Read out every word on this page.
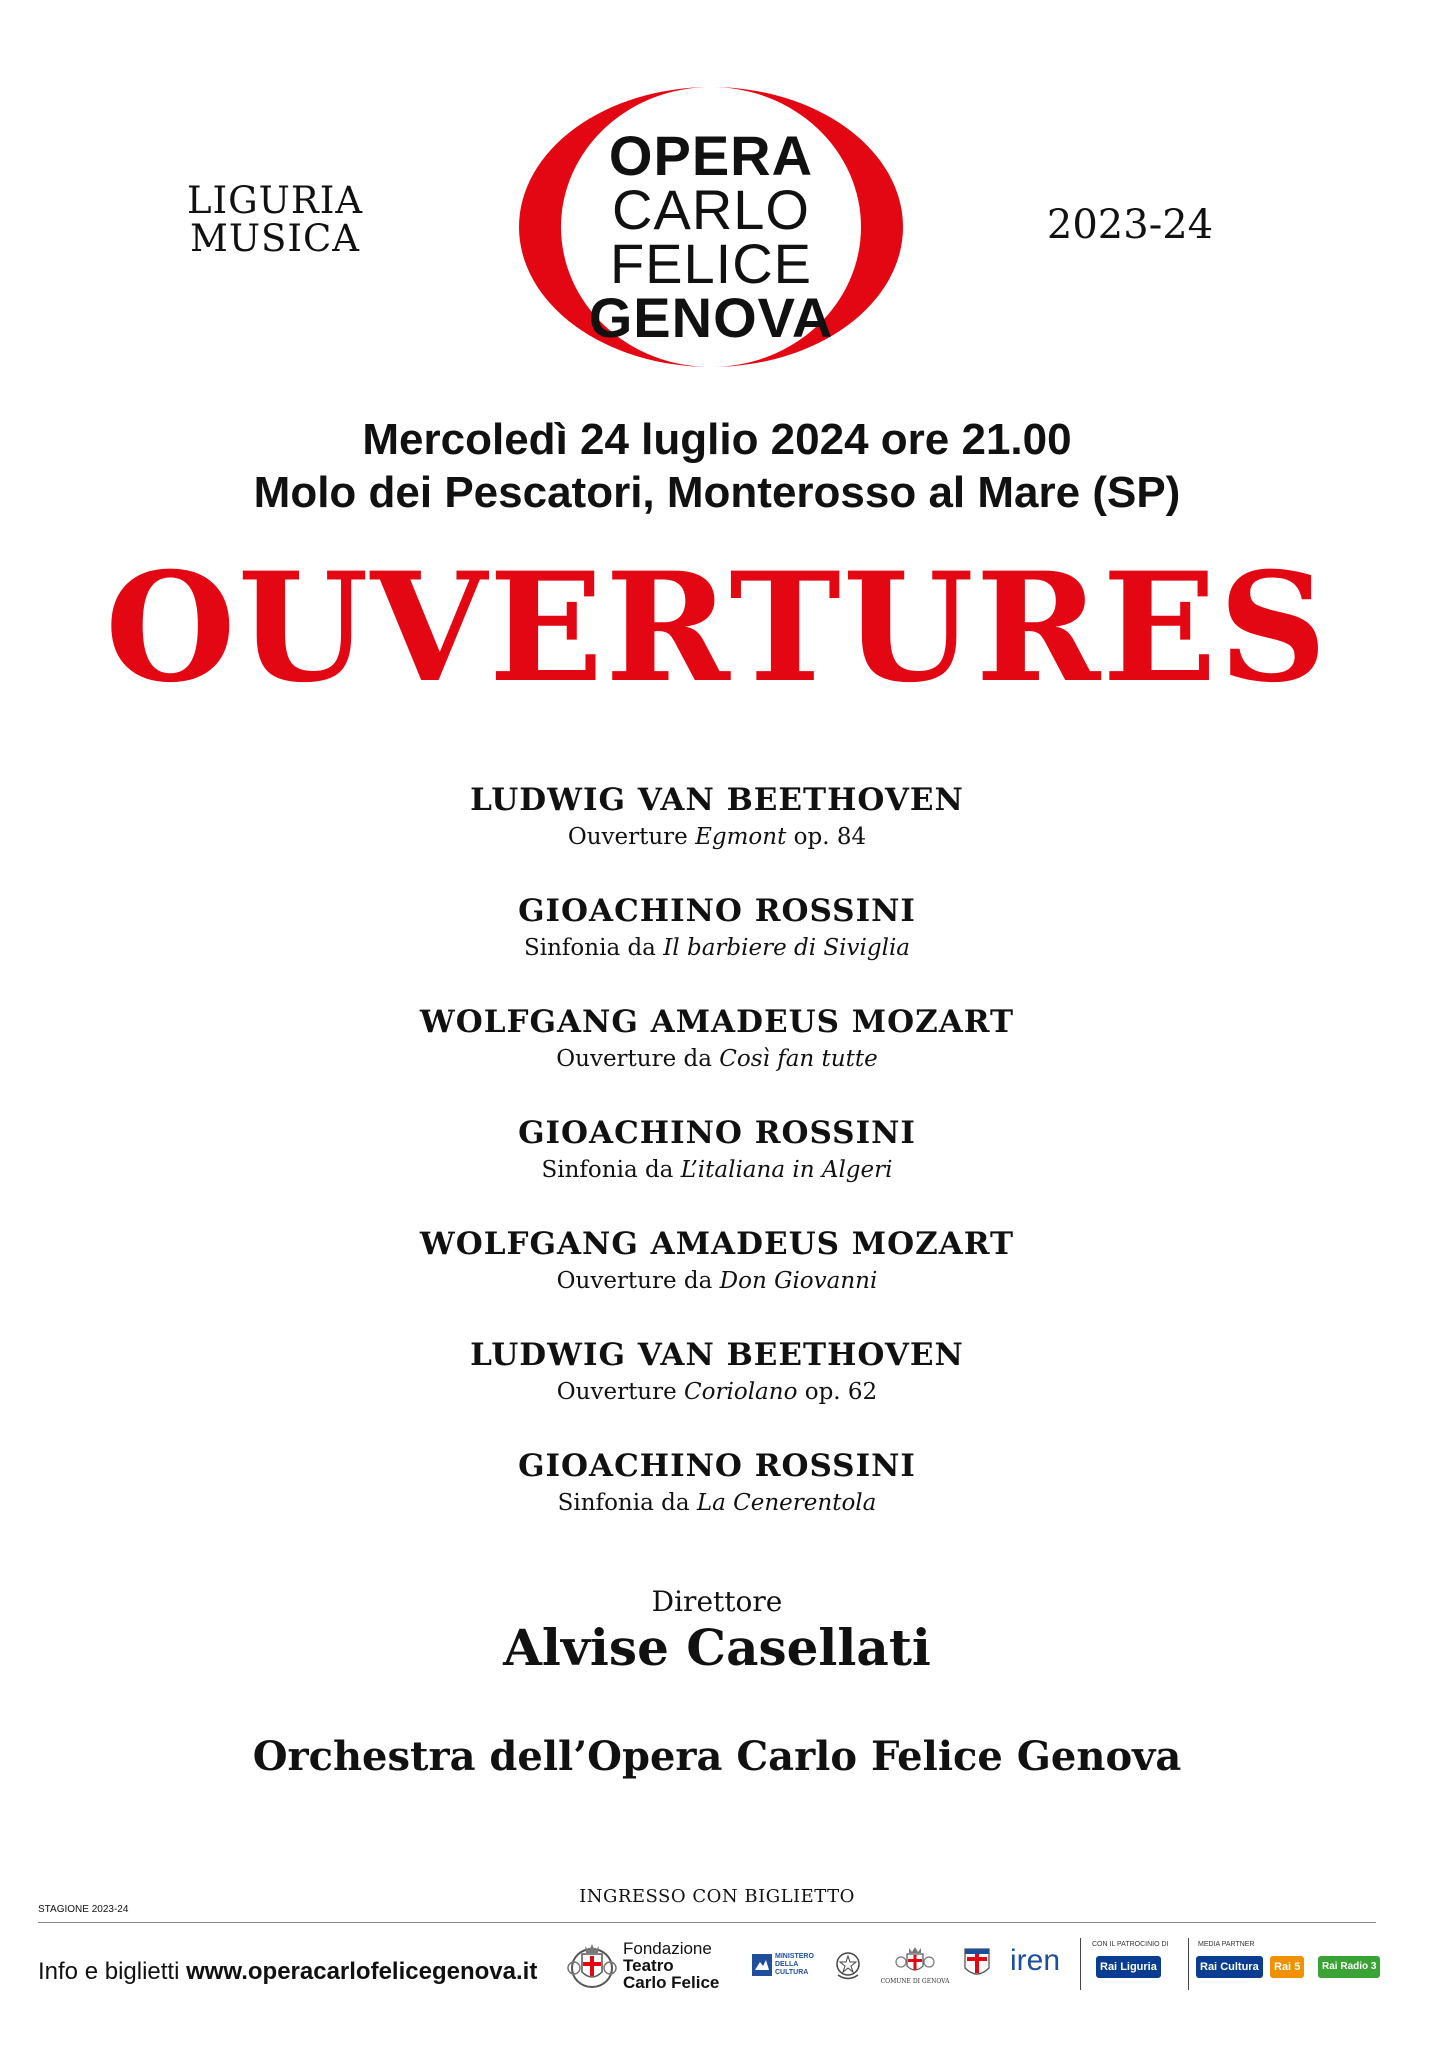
LIGURIA
MUSICA
OPERA
CARLO
FELICE
GENOVA
2023-24
Mercoledì 24 luglio 2024 ore 21.00
Molo dei Pescatori, Monterosso al Mare (SP)
OUVERTURES
LUDWIG VAN BEETHOVEN
Ouverture Egmont op. 84
GIOACHINO ROSSINI
Sinfonia da Il barbiere di Siviglia
WOLFGANG AMADEUS MOZART
Ouverture da Così fan tutte
GIOACHINO ROSSINI
Sinfonia da L’italiana in Algeri
WOLFGANG AMADEUS MOZART
Ouverture da Don Giovanni
LUDWIG VAN BEETHOVEN
Ouverture Coriolano op. 62
GIOACHINO ROSSINI
Sinfonia da La Cenerentola
Direttore
Alvise Casellati
Orchestra dell’Opera Carlo Felice Genova
INGRESSO CON BIGLIETTO
STAGIONE 2023-24
Info e biglietti www.operacarlofelicegenova.it
Fondazione
Teatro
Carlo Felice
MINISTERO
DELLA
CULTURA
COMUNE DI GENOVA
iren	CON IL PATROCINIO DI
Rai Liguria
MEDIA PARTNER
Rai Cultura	Rai 5	Rai Radio 3
